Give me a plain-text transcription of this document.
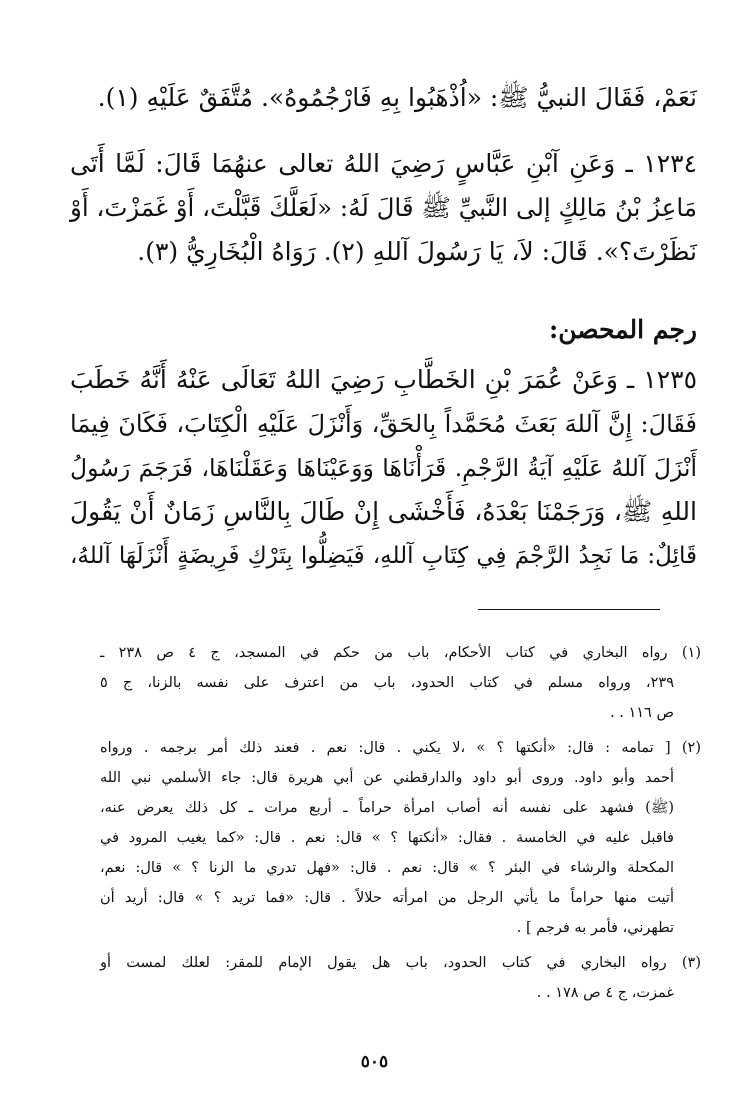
نَعَمْ، فَقَالَ النبيُّ ﷺ: «اُذْهَبُوا بِهِ فَارْجُمُوهُ». مُتَّفَقٌ عَلَيْهِ (١).
١٢٣٤ ـ وَعَنِ آبْنِ عَبَّاسٍ رَضِيَ اللهُ تعالى عنهُمَا قَالَ: لَمَّا أَتَى
مَاعِزُ بْنُ مَالِكٍ إلى النَّبيِّ ﷺ قَالَ لَهُ: «لَعَلَّكَ قَبَّلْتَ، أَوْ غَمَزْتَ، أَوْ
نَظَرْتَ؟». قَالَ: لاَ، يَا رَسُولَ آللهِ (٢). رَوَاهُ الْبُخَارِيُّ (٣).
رجم المحصن:
١٢٣٥ ـ وَعَنْ عُمَرَ بْنِ الخَطَّابِ رَضِيَ اللهُ تَعَالَى عَنْهُ أَنَّهُ خَطَبَ
فَقَالَ: إِنَّ آللهَ بَعَثَ مُحَمَّداً بِالحَقِّ، وَأَنْزَلَ عَلَيْهِ الْكِتَابَ، فَكَانَ فِيمَا
أَنْزَلَ آللهُ عَلَيْهِ آيَةُ الرَّجْمِ. قَرَأْنَاهَا وَوَعَيْنَاهَا وَعَقَلْنَاهَا، فَرَجَمَ رَسُولُ
اللهِ ﷺ، وَرَجَمْنَا بَعْدَهُ، فَأَخْشَى إِنْ طَالَ بِالنَّاسِ زَمَانٌ أَنْ يَقُولَ
قَائِلٌ: مَا نَجِدُ الرَّجْمَ فِي كِتَابِ آللهِ، فَيَضِلُّوا بِتَرْكِ فَرِيضَةٍ أَنْزَلَهَا آللهُ،
(١) رواه البخاري في كتاب الأحكام، باب من حكم في المسجد، ج ٤ ص ٢٣٨ ـ
٢٣٩، ورواه مسلم في كتاب الحدود، باب من اعترف على نفسه بالزنا، ج ٥
ص ١١٦ . .
(٢) [ تمامه : قال: «أنكتها ؟ » ،لا يكني . قال: نعم . فعند ذلك أمر برجمه . ورواه
أحمد وأبو داود. وروى أبو داود والدارقطني عن أبي هريرة قال: جاء الأسلمي نبي الله
(ﷺ) فشهد على نفسه أنه أصاب امرأة حراماً ـ أربع مرات ـ كل ذلك يعرض عنه،
فاقبل عليه في الخامسة . فقال: «أنكتها ؟ » قال: نعم . قال: «كما يغيب المرود في
المكحلة والرشاء في البئر ؟ » قال: نعم . قال: «فهل تدري ما الزنا ؟ » قال: نعم،
أتيت منها حراماً ما يأتي الرجل من امرأته حلالاً . قال: «فما تريد ؟ » قال: أريد أن
تطهرني، فأمر به فرجم ] .
(٣) رواه البخاري في كتاب الحدود، باب هل يقول الإمام للمقر: لعلك لمست أو
غمزت، ج ٤ ص ١٧٨ . .
٥٠٥
